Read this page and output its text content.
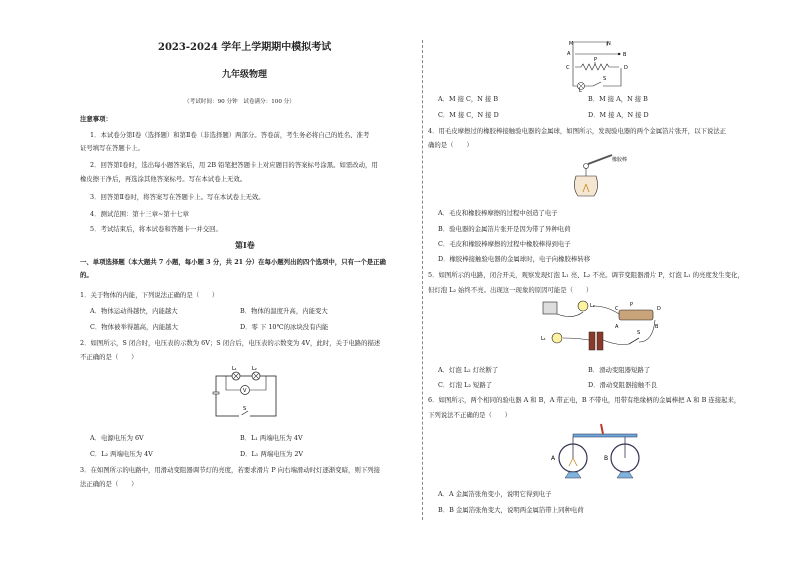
2023-2024 学年上学期期中模拟考试
九年级物理
（考试时间：90 分钟　试卷满分：100 分）
注意事项：
1．本试卷分第Ⅰ卷（选择题）和第Ⅱ卷（非选择题）两部分。答卷前，考生务必将自己的姓名、准考
证号填写在答题卡上。
2．回答第Ⅰ卷时，选出每小题答案后，用 2B 铅笔把答题卡上对应题目的答案标号涂黑。如需改动，用
橡皮擦干净后，再选涂其他答案标号。写在本试卷上无效。
3．回答第Ⅱ卷时，将答案写在答题卡上。写在本试卷上无效。
4．测试范围：第十三章~第十七章
5．考试结束后，将本试卷和答题卡一并交回。
第Ⅰ卷
一、单项选择题（本大题共 7 小题，每小题 3 分，共 21 分）在每小题列出的四个选项中，只有一个是正确
的。
1．关于物体的内能，下列说法正确的是（　　）
A．物体运动得越快，内能越大	B．物体的温度升高，内能变大
C．物体被举得越高，内能越大	D．零 下 10℃的冰块没有内能
2．如图所示，S 闭合时，电压表的示数为 6V；S 闭合后，电压表的示数变为 4V，此时，关于电路的描述
不正确的是（　　）
V
L₁	L₂
S
A．电源电压为 6V	B．L₁ 两端电压为 4V
C．L₂ 两端电压为 4V	D．L₁ 两端电压为 2V
3．在如图所示的电路中，用滑动变阻器调节灯的亮度，若要求滑片 P 向右端滑动时灯逐渐变暗，则下列接
法正确的是（　　）
M	N
A	B
C	D
P
L
S
A．M 接 C，N 接 B	B．M 接 A，N 接 B
C．M 接 C，N 接 D	D．M 接 A，N 接 D
4．用毛皮摩擦过的橡胶棒接触验电器的金属球，如图所示，发现验电器的两个金属箔片张开，以下说法正
确的是（　　）
橡胶棒
A．毛皮和橡胶棒摩擦的过程中创造了电子
B．验电器的金属箔片张开是因为带了异种电荷
C．毛皮和橡胶棒摩擦的过程中橡胶棒得到电子
D．橡胶棒接触验电器的金属球时，电子向橡胶棒转移
5．如图所示的电路，闭合开关，观察发现灯泡 L₁ 亮、L₂ 不亮。调节变阻器滑片 P，灯泡 L₁ 的亮度发生变化，
但灯泡 L₂ 始终不亮。出现这一现象的原因可能是（　　）
L₂	C
P
D
A	B
L₁
S
A．灯泡 L₂ 灯丝断了	B．滑动变阻器短路了
C．灯泡 L₂ 短路了	D．滑动变阻器接触不良
6．如图所示，两个相同的验电器 A 和 B，A 带正电，B 不带电，用带有绝缘柄的金属棒把 A 和 B 连接起来，
下列说法不正确的是（　　）
A	B
A．A 金属箔张角变小，说明它得到电子
B．B 金属箔张角变大，说明两金属箔带上同种电荷
